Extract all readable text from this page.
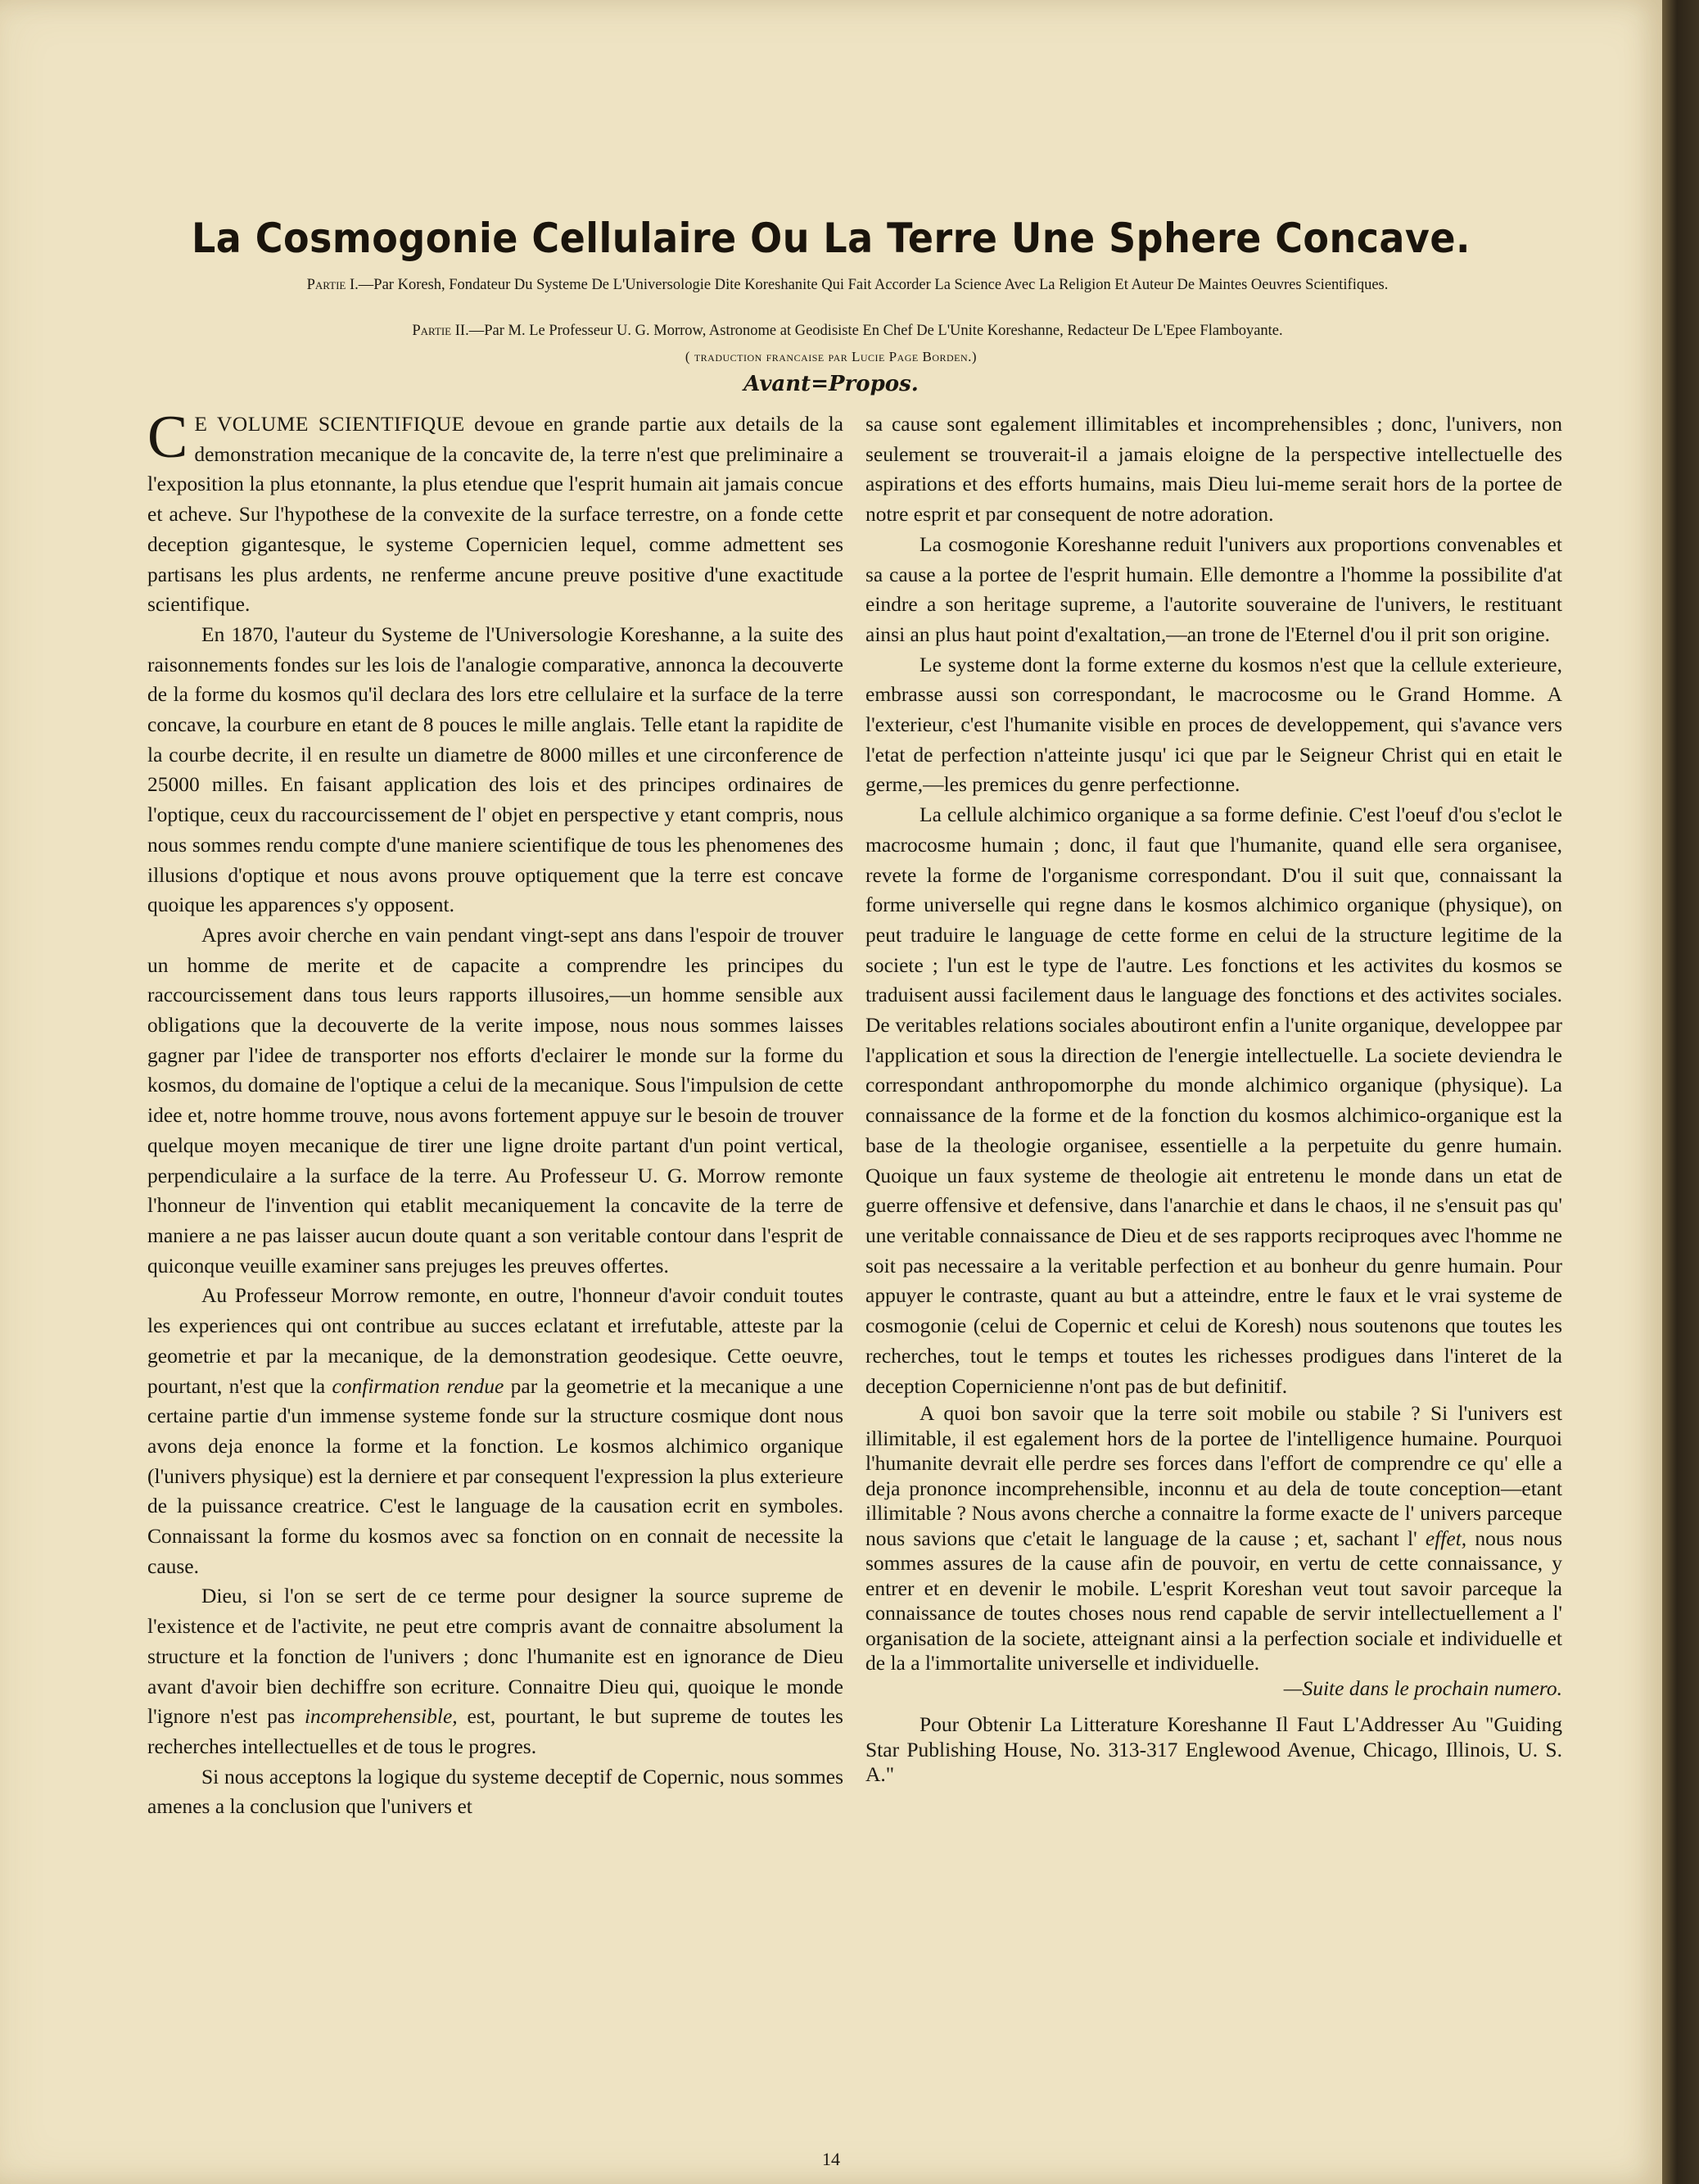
La Cosmogonie Cellulaire Ou La Terre Une Sphere Concave.
Partie I.—Par Koresh, Fondateur Du Systeme De L'Universologie Dite Koreshanite Qui Fait Accorder La Science Avec La Religion Et Auteur De Maintes Oeuvres Scientifiques.
Partie II.—Par M. Le Professeur U. G. Morrow, Astronome at Geodisiste En Chef De L'Unite Koreshanne, Redacteur De L'Epee Flamboyante.
( traduction francaise par Lucie Page Borden.)
Avant=Propos.

C E VOLUME SCIENTIFIQUE devoue en grande partie aux details de la demonstration mecanique de la concavite de, la terre n'est que preliminaire a l'exposition la plus etonnante, la plus etendue que l'esprit humain ait jamais concue et acheve. Sur l'hypothese de la convexite de la surface terrestre, on a fonde cette deception gigantesque, le systeme Copernicien lequel, comme admettent ses partisans les plus ardents, ne renferme ancune preuve positive d'une exactitude scientifique.

En 1870, l'auteur du Systeme de l'Universologie Koreshanne, a la suite des raisonnements fondes sur les lois de l'analogie comparative, annonca la decouverte de la forme du kosmos qu'il declara des lors etre cellulaire et la surface de la terre concave, la courbure en etant de 8 pouces le mille anglais. Telle etant la rapidite de la courbe decrite, il en resulte un diametre de 8000 milles et une circonference de 25000 milles. En faisant application des lois et des principes ordinaires de l'optique, ceux du raccourcissement de l' objet en perspective y etant compris, nous nous sommes rendu compte d'une maniere scientifique de tous les phenomenes des illusions d'optique et nous avons prouve optiquement que la terre est concave quoique les apparences s'y opposent.

Apres avoir cherche en vain pendant vingt-sept ans dans l'espoir de trouver un homme de merite et de capacite a comprendre les principes du raccourcissement dans tous leurs rapports illusoires,—un homme sensible aux obligations que la decouverte de la verite impose, nous nous sommes laisses gagner par l'idee de transporter nos efforts d'eclairer le monde sur la forme du kosmos, du domaine de l'optique a celui de la mecanique. Sous l'impulsion de cette idee et, notre homme trouve, nous avons fortement appuye sur le besoin de trouver quelque moyen mecanique de tirer une ligne droite partant d'un point vertical, perpendiculaire a la surface de la terre. Au Professeur U. G. Morrow remonte l'honneur de l'invention qui etablit mecaniquement la concavite de la terre de maniere a ne pas laisser aucun doute quant a son veritable contour dans l'esprit de quiconque veuille examiner sans prejuges les preuves offertes.

Au Professeur Morrow remonte, en outre, l'honneur d'avoir conduit toutes les experiences qui ont contribue au succes eclatant et irrefutable, atteste par la geometrie et par la mecanique, de la demonstration geodesique. Cette oeuvre, pourtant, n'est que la confirmation rendue par la geometrie et la mecanique a une certaine partie d'un immense systeme fonde sur la structure cosmique dont nous avons deja enonce la forme et la fonction. Le kosmos alchimico organique (l'univers physique) est la derniere et par consequent l'expression la plus exterieure de la puissance creatrice. C'est le language de la causation ecrit en symboles. Connaissant la forme du kosmos avec sa fonction on en connait de necessite la cause.

Dieu, si l'on se sert de ce terme pour designer la source supreme de l'existence et de l'activite, ne peut etre compris avant de connaitre absolument la structure et la fonction de l'univers ; donc l'humanite est en ignorance de Dieu avant d'avoir bien dechiffre son ecriture. Connaitre Dieu qui, quoique le monde l'ignore n'est pas incomprehensible, est, pourtant, le but supreme de toutes les recherches intellectuelles et de tous le progres.

Si nous acceptons la logique du systeme deceptif de Copernic, nous sommes amenes a la conclusion que l'univers et

sa cause sont egalement illimitables et incomprehensibles ; donc, l'univers, non seulement se trouverait-il a jamais eloigne de la perspective intellectuelle des aspirations et des efforts humains, mais Dieu lui-meme serait hors de la portee de notre esprit et par consequent de notre adoration.

La cosmogonie Koreshanne reduit l'univers aux proportions convenables et sa cause a la portee de l'esprit humain. Elle demontre a l'homme la possibilite d'at eindre a son heritage supreme, a l'autorite souveraine de l'univers, le restituant ainsi an plus haut point d'exaltation,—an trone de l'Eternel d'ou il prit son origine.

Le systeme dont la forme externe du kosmos n'est que la cellule exterieure, embrasse aussi son correspondant, le macrocosme ou le Grand Homme. A l'exterieur, c'est l'humanite visible en proces de developpement, qui s'avance vers l'etat de perfection n'atteinte jusqu' ici que par le Seigneur Christ qui en etait le germe,—les premices du genre perfectionne.

La cellule alchimico organique a sa forme definie. C'est l'oeuf d'ou s'eclot le macrocosme humain ; donc, il faut que l'humanite, quand elle sera organisee, revete la forme de l'organisme correspondant. D'ou il suit que, connaissant la forme universelle qui regne dans le kosmos alchimico organique (physique), on peut traduire le language de cette forme en celui de la structure legitime de la societe ; l'un est le type de l'autre. Les fonctions et les activites du kosmos se traduisent aussi facilement daus le language des fonctions et des activites sociales. De veritables relations sociales aboutiront enfin a l'unite organique, developpee par l'application et sous la direction de l'energie intellectuelle. La societe deviendra le correspondant anthropomorphe du monde alchimico organique (physique). La connaissance de la forme et de la fonction du kosmos alchimico-organique est la base de la theologie organisee, essentielle a la perpetuite du genre humain. Quoique un faux systeme de theologie ait entretenu le monde dans un etat de guerre offensive et defensive, dans l'anarchie et dans le chaos, il ne s'ensuit pas qu' une veritable connaissance de Dieu et de ses rapports reciproques avec l'homme ne soit pas necessaire a la veritable perfection et au bonheur du genre humain. Pour appuyer le contraste, quant au but a atteindre, entre le faux et le vrai systeme de cosmogonie (celui de Copernic et celui de Koresh) nous soutenons que toutes les recherches, tout le temps et toutes les richesses prodigues dans l'interet de la deception Copernicienne n'ont pas de but definitif.

A quoi bon savoir que la terre soit mobile ou stabile ? Si l'univers est illimitable, il est egalement hors de la portee de l'intelligence humaine. Pourquoi l'humanite devrait elle perdre ses forces dans l'effort de comprendre ce qu' elle a deja prononce incomprehensible, inconnu et au dela de toute conception—etant illimitable ? Nous avons cherche a connaitre la forme exacte de l' univers parceque nous savions que c'etait le language de la cause ; et, sachant l' effet, nous nous sommes assures de la cause afin de pouvoir, en vertu de cette connaissance, y entrer et en devenir le mobile. L'esprit Koreshan veut tout savoir parceque la connaissance de toutes choses nous rend capable de servir intellectuellement a l' organisation de la societe, atteignant ainsi a la perfection sociale et individuelle et de la a l'immortalite universelle et individuelle.

—Suite dans le prochain numero.

Pour Obtenir La Litterature Koreshanne Il Faut L'Addresser Au "Guiding Star Publishing House, No. 313-317 Englewood Avenue, Chicago, Illinois, U. S. A."

14
